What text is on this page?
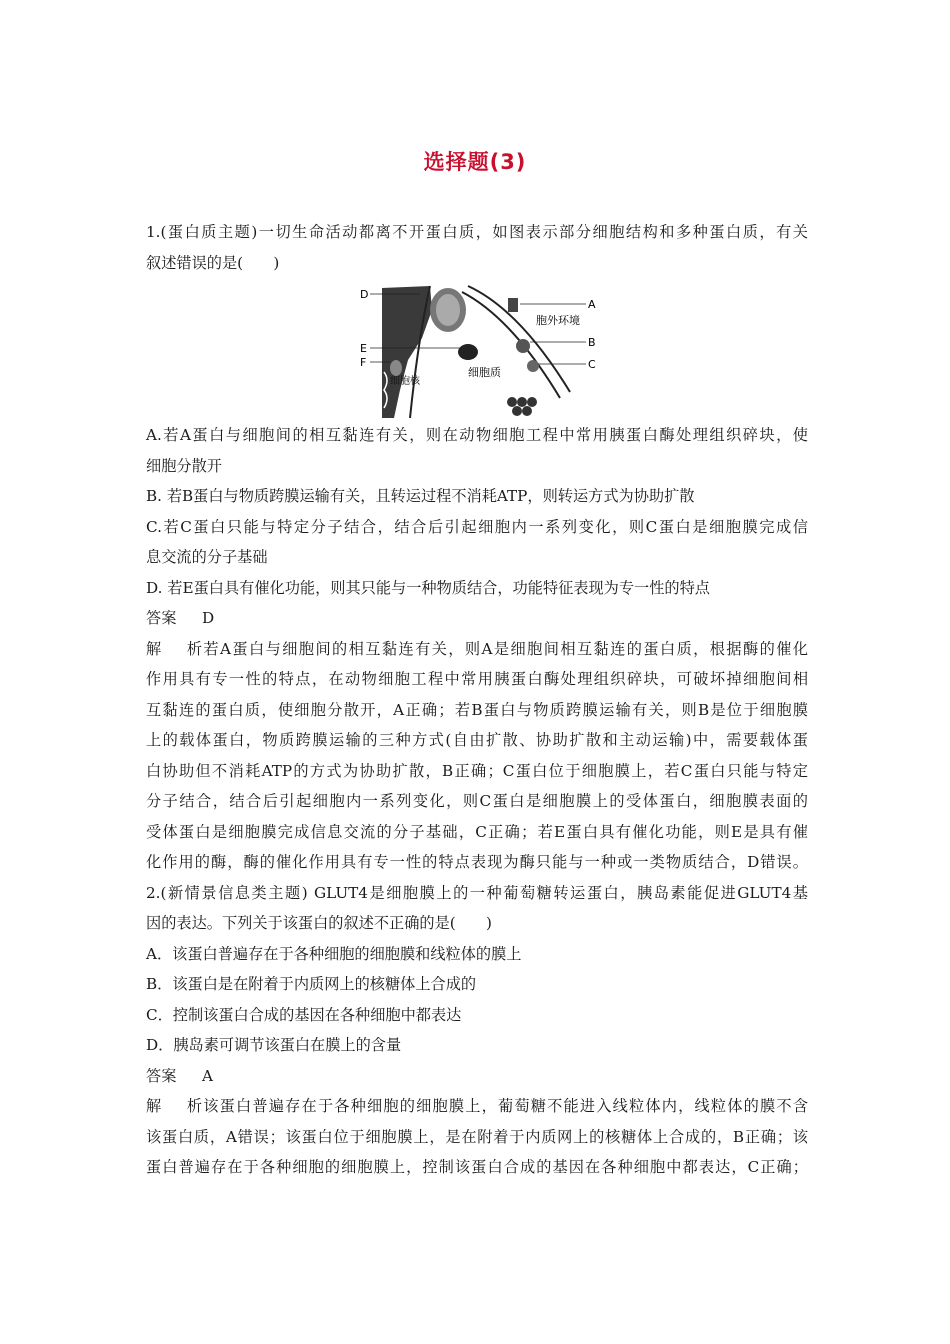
选择题(3)
1.(蛋白质主题)一切生命活动都离不开蛋白质，如图表示部分细胞结构和多种蛋白质，有关
叙述错误的是(　　)
D
A
胞外环境
E	B
F	C
细胞核
细胞质
A.若A蛋白与细胞间的相互黏连有关，则在动物细胞工程中常用胰蛋白酶处理组织碎块，使
细胞分散开
B. 若B蛋白与物质跨膜运输有关，且转运过程不消耗ATP，则转运方式为协助扩散
C.若C蛋白只能与特定分子结合，结合后引起细胞内一系列变化，则C蛋白是细胞膜完成信
息交流的分子基础
D. 若E蛋白具有催化功能，则其只能与一种物质结合，功能特征表现为专一性的特点
答案 D
解析若A蛋白与细胞间的相互黏连有关，则A是细胞间相互黏连的蛋白质，根据酶的催化
作用具有专一性的特点，在动物细胞工程中常用胰蛋白酶处理组织碎块，可破坏掉细胞间相
互黏连的蛋白质，使细胞分散开，A正确；若B蛋白与物质跨膜运输有关，则B是位于细胞膜
上的载体蛋白，物质跨膜运输的三种方式(自由扩散、协助扩散和主动运输)中，需要载体蛋
白协助但不消耗ATP的方式为协助扩散，B正确；C蛋白位于细胞膜上，若C蛋白只能与特定
分子结合，结合后引起细胞内一系列变化，则C蛋白是细胞膜上的受体蛋白，细胞膜表面的
受体蛋白是细胞膜完成信息交流的分子基础，C正确；若E蛋白具有催化功能，则E是具有催
化作用的酶，酶的催化作用具有专一性的特点表现为酶只能与一种或一类物质结合，D错误。
2.(新情景信息类主题) GLUT4是细胞膜上的一种葡萄糖转运蛋白，胰岛素能促进GLUT4基
因的表达。下列关于该蛋白的叙述不正确的是(　　)
A．该蛋白普遍存在于各种细胞的细胞膜和线粒体的膜上
B．该蛋白是在附着于内质网上的核糖体上合成的
C．控制该蛋白合成的基因在各种细胞中都表达
D．胰岛素可调节该蛋白在膜上的含量
答案 A
解析该蛋白普遍存在于各种细胞的细胞膜上，葡萄糖不能进入线粒体内，线粒体的膜不含
该蛋白质，A错误；该蛋白位于细胞膜上，是在附着于内质网上的核糖体上合成的，B正确；该
蛋白普遍存在于各种细胞的细胞膜上，控制该蛋白合成的基因在各种细胞中都表达，C正确；
